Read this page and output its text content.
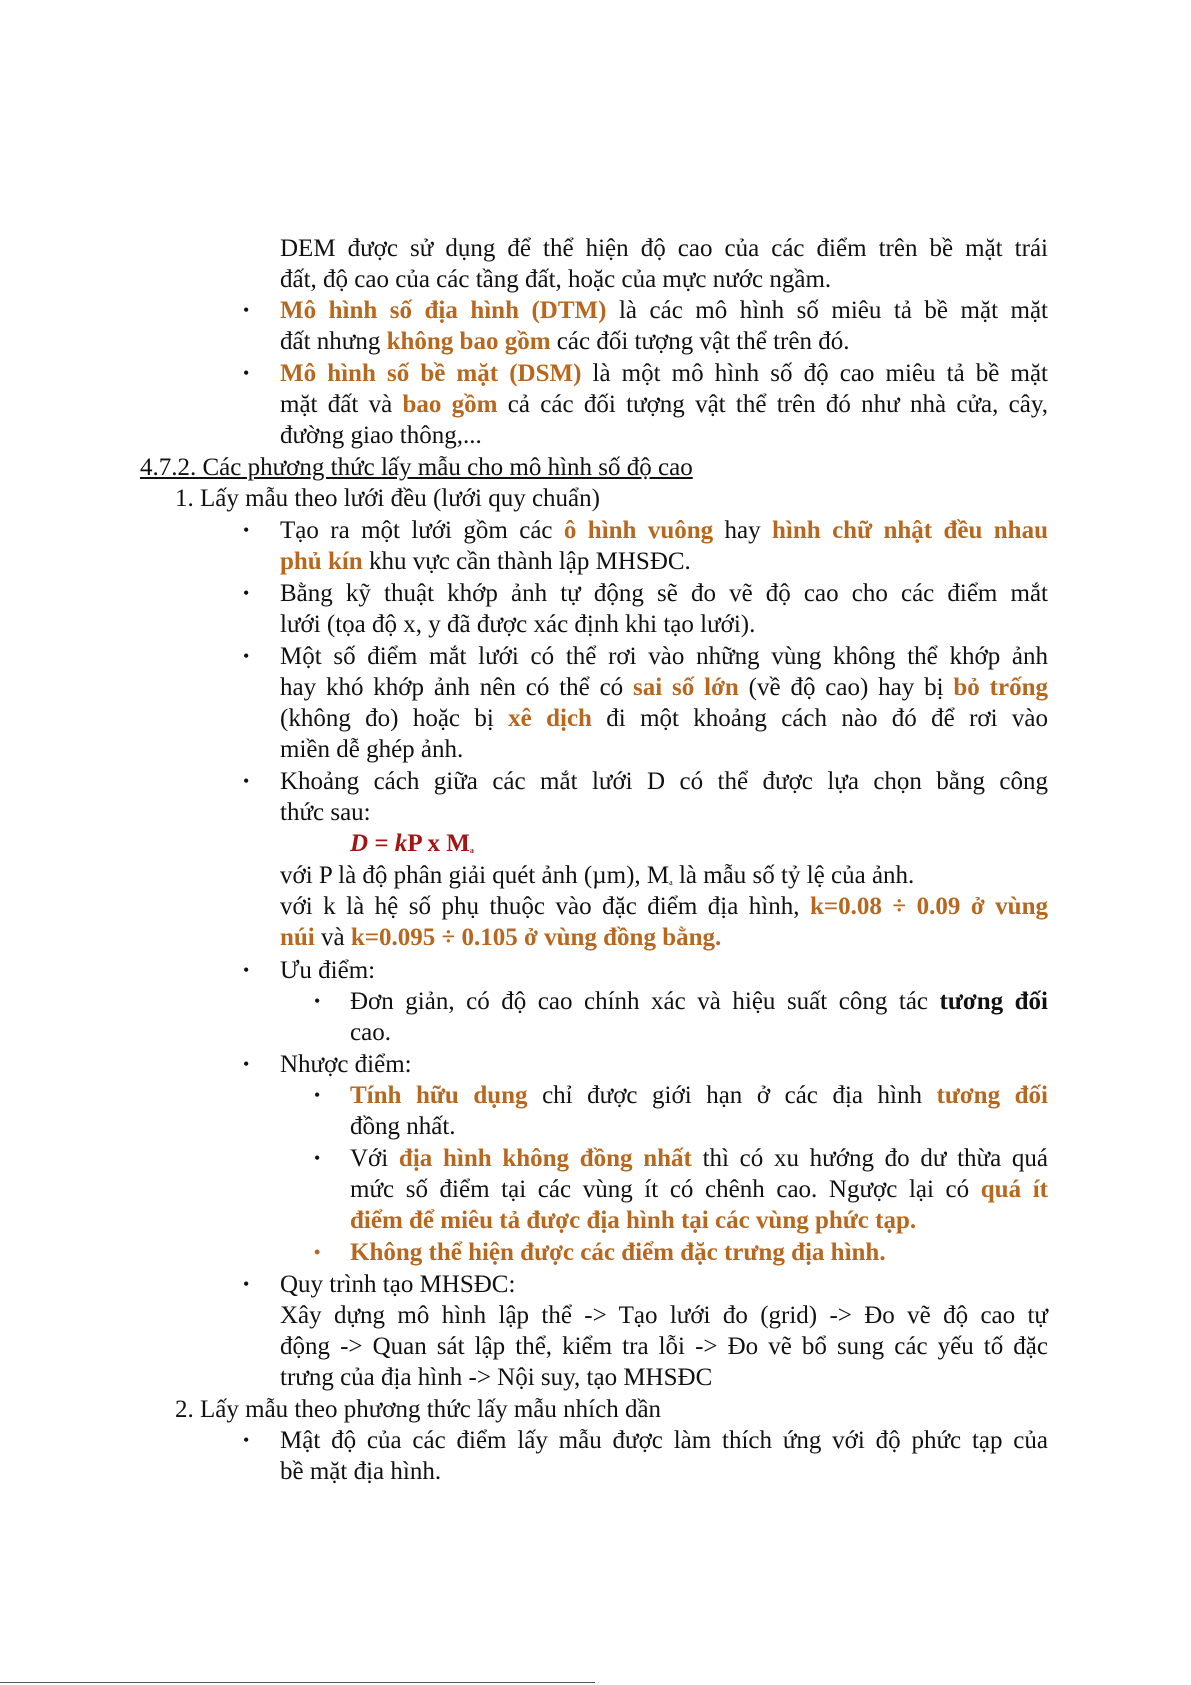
DEM được sử dụng để thể hiện độ cao của các điểm trên bề mặt trái
đất, độ cao của các tầng đất, hoặc của mực nước ngầm.
• Mô hình số địa hình (DTM) là các mô hình số miêu tả bề mặt mặt
đất nhưng không bao gồm các đối tượng vật thể trên đó.
• Mô hình số bề mặt (DSM) là một mô hình số độ cao miêu tả bề mặt
mặt đất và bao gồm cả các đối tượng vật thể trên đó như nhà cửa, cây,
đường giao thông,...
4.7.2. Các phương thức lấy mẫu cho mô hình số độ cao
1. Lấy mẫu theo lưới đều (lưới quy chuẩn)
• Tạo ra một lưới gồm các ô hình vuông hay hình chữ nhật đều nhau
phủ kín khu vực cần thành lập MHSĐC.
• Bằng kỹ thuật khớp ảnh tự động sẽ đo vẽ độ cao cho các điểm mắt
lưới (tọa độ x, y đã được xác định khi tạo lưới).
• Một số điểm mắt lưới có thể rơi vào những vùng không thể khớp ảnh
hay khó khớp ảnh nên có thể có sai số lớn (về độ cao) hay bị bỏ trống
(không đo) hoặc bị xê dịch đi một khoảng cách nào đó để rơi vào
miền dễ ghép ảnh.
• Khoảng cách giữa các mắt lưới D có thể được lựa chọn bằng công
thức sau:
D = kP x $M_a$
với P là độ phân giải quét ảnh (µm), $M_a$ là mẫu số tỷ lệ của ảnh.
với k là hệ số phụ thuộc vào đặc điểm địa hình, k=0.08 ÷ 0.09 ở vùng
núi và k=0.095 ÷ 0.105 ở vùng đồng bằng.
• Ưu điểm:
• Đơn giản, có độ cao chính xác và hiệu suất công tác tương đối
cao.
• Nhược điểm:
• Tính hữu dụng chỉ được giới hạn ở các địa hình tương đối
đồng nhất.
• Với địa hình không đồng nhất thì có xu hướng đo dư thừa quá
mức số điểm tại các vùng ít có chênh cao. Ngược lại có quá ít
điểm để miêu tả được địa hình tại các vùng phức tạp.
• Không thể hiện được các điểm đặc trưng địa hình.
• Quy trình tạo MHSĐC:
Xây dựng mô hình lập thể -> Tạo lưới đo (grid) -> Đo vẽ độ cao tự
động -> Quan sát lập thể, kiểm tra lỗi -> Đo vẽ bổ sung các yếu tố đặc
trưng của địa hình -> Nội suy, tạo MHSĐC
2. Lấy mẫu theo phương thức lấy mẫu nhích dần
• Mật độ của các điểm lấy mẫu được làm thích ứng với độ phức tạp của
bề mặt địa hình.
